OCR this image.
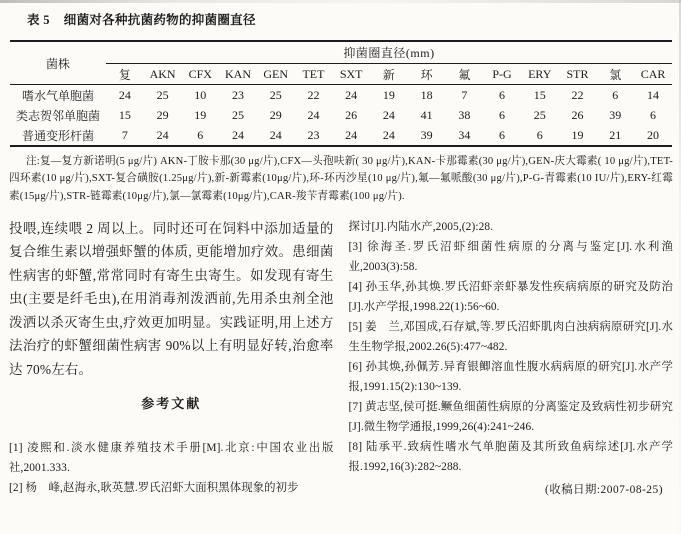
表 5 细菌对各种抗菌药物的抑菌圈直径
菌株	抑菌圈直径(mm)														
	复	AKN	CFX	KAN	GEN	TET	SXT	新	环	氟	P-G	ERY	STR	氯	CAR
嗜水气单胞菌	24	25	10	23	25	22	24	19	18	7	6	15	22	6	14
类志贺邻单胞菌	15	29	19	25	29	24	26	24	41	38	6	25	26	39	6
普通变形杆菌	7	24	6	24	24	23	24	24	39	34	6	6	19	21	20

注:复—复方新诺明(5 μg/片) AKN-丁胺卡那(30 μg/片),CFX—头孢呋新( 30 μg/片),KAN-卡那霉素(30 μg/片),GEN-庆大霉素( 10 μg/片),TET-四环素(10 μg/片),SXT-复合磺胺(1.25μg/片),新-新霉素(10μg/片),环-环丙沙星(10 μg/片),氟—氟哌酸(30 μg/片),P-G-青霉素(10 IU/片),ERY-红霉素(15μg/片),STR-链霉素(10μg/片),氯—氯霉素(10μg/片),CAR-羧苄青霉素(100 μg/片).

投喂,连续喂 2 周以上。同时还可在饲料中添加适量的复合维生素以增强虾蟹的体质, 更能增加疗效。患细菌性病害的虾蟹,常常同时有寄生虫寄生。如发现有寄生虫(主要是纤毛虫),在用消毒剂泼洒前,先用杀虫剂全池泼洒以杀灭寄生虫,疗效更加明显。实践证明,用上述方法治疗的虾蟹细菌性病害 90%以上有明显好转,治愈率达 70%左右。

参考文献

[1] 凌熙和.淡水健康养殖技术手册[M].北京:中国农业出版社,2001.333.

[2] 杨　峰,赵海永,耿英慧.罗氏沼虾大面积黑体现象的初步

探讨[J].内陆水产,2005,(2):28.

[3] 徐海圣.罗氏沼虾细菌性病原的分离与鉴定[J].水利渔业,2003(3):58.

[4] 孙玉华,孙其焕.罗氏沼虾亲虾暴发性疾病病原的研究及防治[J].水产学报,1998.22(1):56~60.

[5] 姜　兰,邓国成,石存斌,等.罗氏沼虾肌肉白浊病病原研究[J].水生生物学报,2002.26(5):477~482.

[6] 孙其焕,孙佩芳.异育银鲫溶血性腹水病病原的研究[J].水产学报,1991.15(2):130~139.

[7] 黄志坚,侯可挺.鳜鱼细菌性病原的分离鉴定及致病性初步研究[J].微生物学通报,1999,26(4):241~246.

[8] 陆承平.致病性嗜水气单胞菌及其所致鱼病综述[J].水产学报.1992,16(3):282~288.

(收稿日期:2007-08-25)
